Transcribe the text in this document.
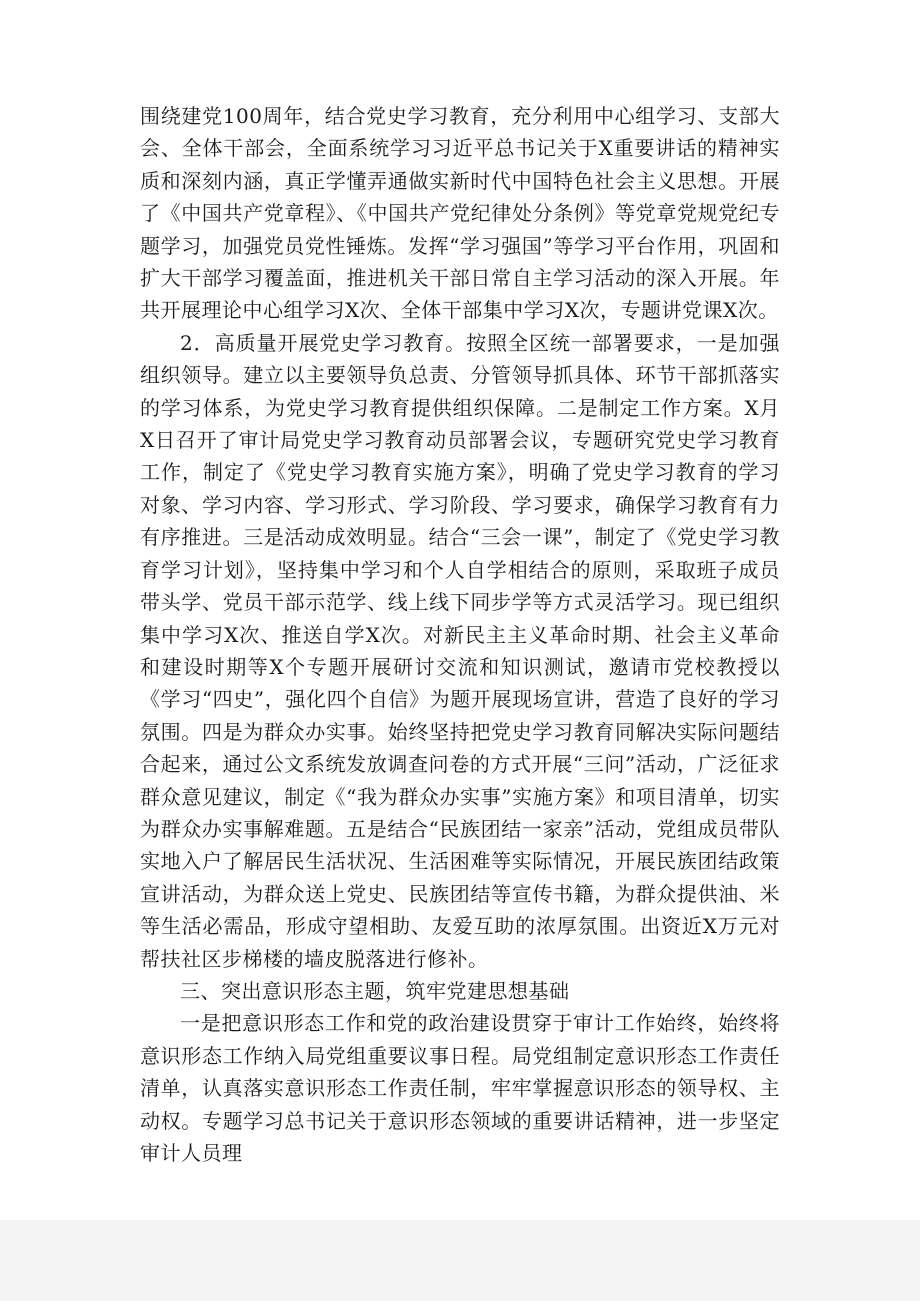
围绕建党100周年，结合党史学习教育，充分利用中心组学习、支部大会、全体干部会，全面系统学习习近平总书记关于X重要讲话的精神实质和深刻内涵，真正学懂弄通做实新时代中国特色社会主义思想。开展了《中国共产党章程》、《中国共产党纪律处分条例》等党章党规党纪专题学习，加强党员党性锤炼。发挥“学习强国”等学习平台作用，巩固和扩大干部学习覆盖面，推进机关干部日常自主学习活动的深入开展。年共开展理论中心组学习X次、全体干部集中学习X次，专题讲党课X次。

2．高质量开展党史学习教育。按照全区统一部署要求，一是加强组织领导。建立以主要领导负总责、分管领导抓具体、环节干部抓落实的学习体系，为党史学习教育提供组织保障。二是制定工作方案。X月X日召开了审计局党史学习教育动员部署会议，专题研究党史学习教育工作，制定了《党史学习教育实施方案》，明确了党史学习教育的学习对象、学习内容、学习形式、学习阶段、学习要求，确保学习教育有力有序推进。三是活动成效明显。结合“三会一课”，制定了《党史学习教育学习计划》，坚持集中学习和个人自学相结合的原则，采取班子成员带头学、党员干部示范学、线上线下同步学等方式灵活学习。现已组织集中学习X次、推送自学X次。对新民主主义革命时期、社会主义革命和建设时期等X个专题开展研讨交流和知识测试，邀请市党校教授以《学习“四史”，强化四个自信》为题开展现场宣讲，营造了良好的学习氛围。四是为群众办实事。始终坚持把党史学习教育同解决实际问题结合起来，通过公文系统发放调查问卷的方式开展“三问”活动，广泛征求群众意见建议，制定《“我为群众办实事”实施方案》和项目清单，切实为群众办实事解难题。五是结合“民族团结一家亲”活动，党组成员带队实地入户了解居民生活状况、生活困难等实际情况，开展民族团结政策宣讲活动，为群众送上党史、民族团结等宣传书籍，为群众提供油、米等生活必需品，形成守望相助、友爱互助的浓厚氛围。出资近X万元对帮扶社区步梯楼的墙皮脱落进行修补。

三、突出意识形态主题，筑牢党建思想基础

一是把意识形态工作和党的政治建设贯穿于审计工作始终，始终将意识形态工作纳入局党组重要议事日程。局党组制定意识形态工作责任清单，认真落实意识形态工作责任制，牢牢掌握意识形态的领导权、主动权。专题学习总书记关于意识形态领域的重要讲话精神，进一步坚定审计人员理
